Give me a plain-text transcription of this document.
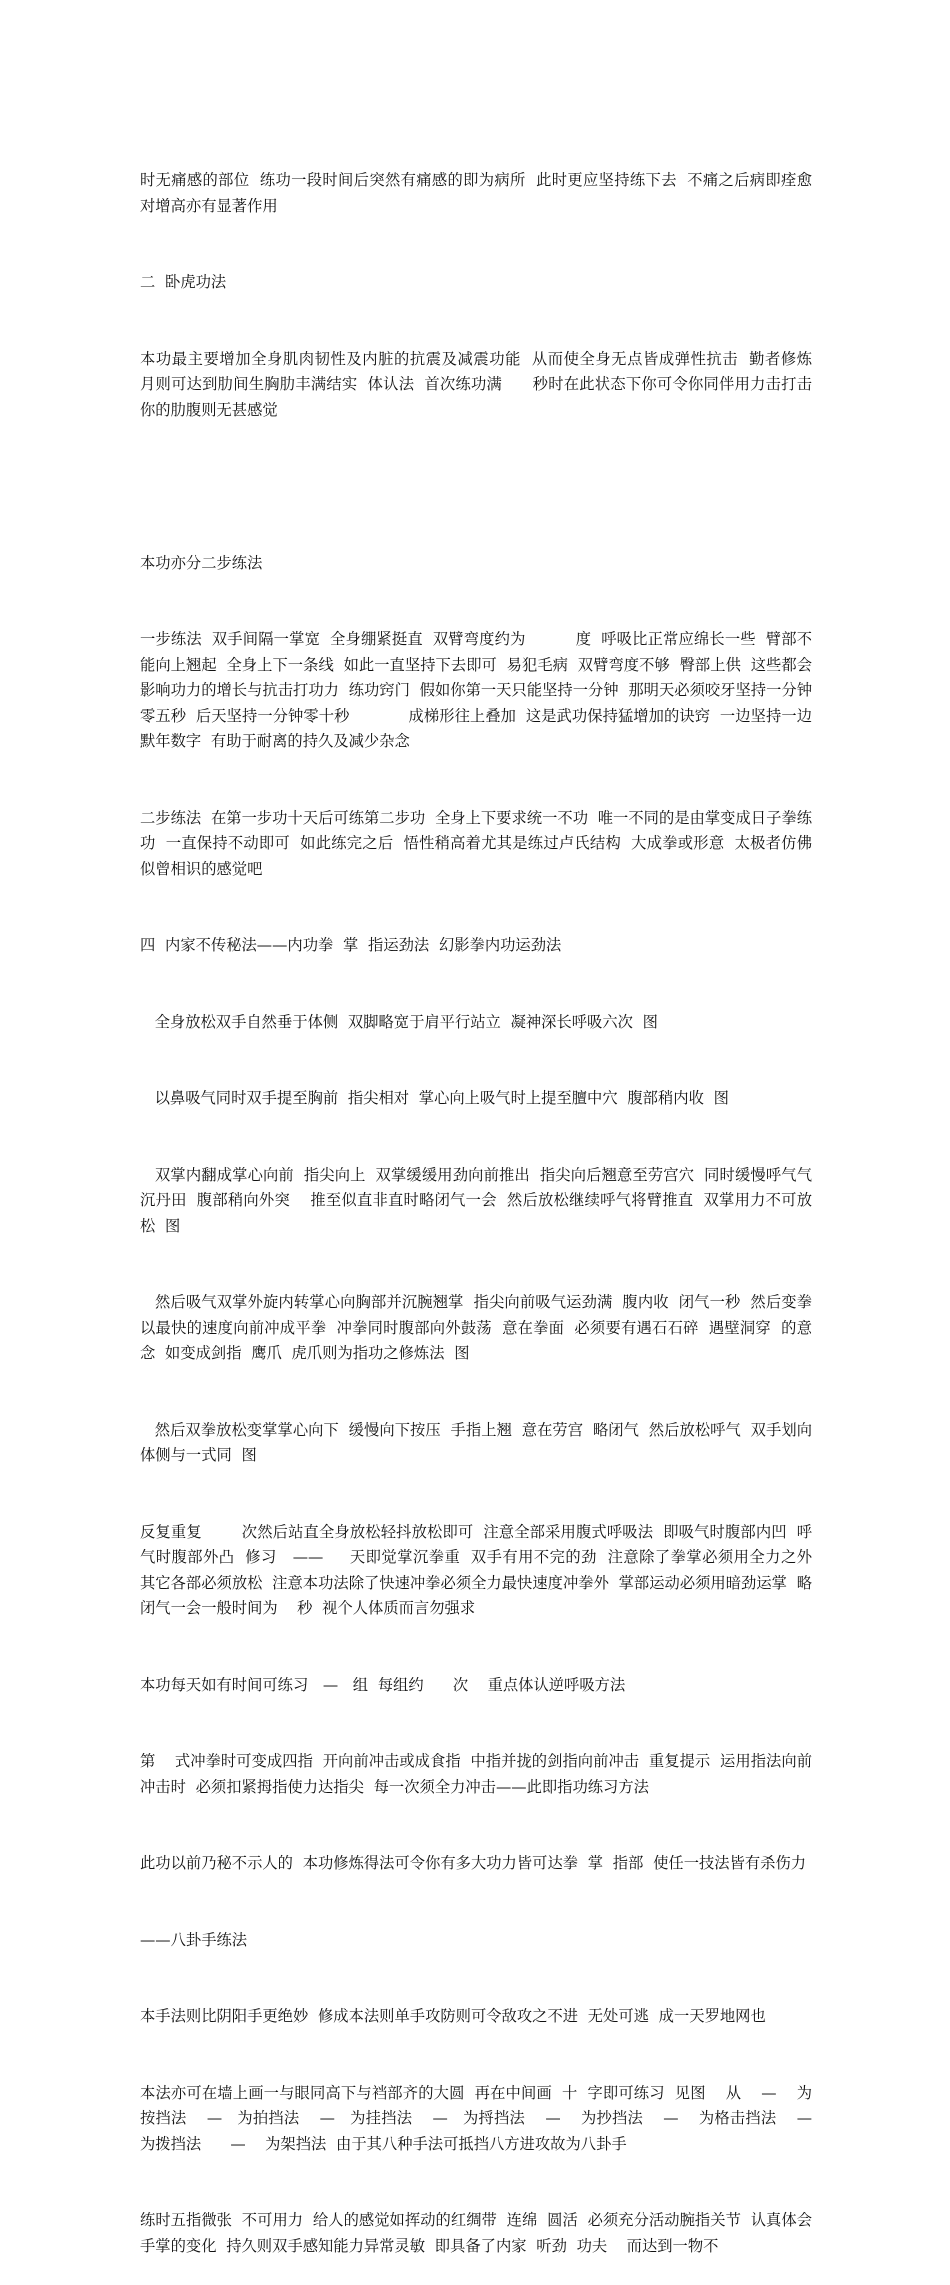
时无痛感的部位  练功一段时间后突然有痛感的即为病所  此时更应坚持练下去  不痛之后病即痊愈  对增高亦有显著作用

二  卧虎功法

本功最主要增加全身肌肉韧性及内脏的抗震及减震功能  从而使全身无点皆成弹性抗击  勤者修炼      月则可达到肋间生胸肋丰满结实  体认法  首次练功满      秒时在此状态下你可令你同伴用力击打击你的肋腹则无甚感觉

本功亦分二步练法

一步练法  双手间隔一掌宽  全身绷紧挺直  双臂弯度约为          度  呼吸比正常应绵长一些  臂部不能向上翘起  全身上下一条线  如此一直坚持下去即可  易犯毛病  双臂弯度不够  臀部上供  这些都会影响功力的增长与抗击打功力  练功窍门  假如你第一天只能坚持一分钟  那明天必须咬牙坚持一分钟零五秒  后天坚持一分钟零十秒            成梯形往上叠加  这是武功保持猛增加的诀窍  一边坚持一边默年数字  有助于耐离的持久及减少杂念

二步练法  在第一步功十天后可练第二步功  全身上下要求统一不功  唯一不同的是由掌变成日子拳练功  一直保持不动即可  如此练完之后  悟性稍高着尤其是练过卢氏结构  大成拳或形意  太极者仿佛似曾相识的感觉吧

四  内家不传秘法——内功拳  掌  指运劲法  幻影拳内功运劲法

全身放松双手自然垂于体侧  双脚略宽于肩平行站立  凝神深长呼吸六次  图

以鼻吸气同时双手提至胸前  指尖相对  掌心向上吸气时上提至膻中穴  腹部稍内收  图

双掌内翻成掌心向前  指尖向上  双掌缓缓用劲向前推出  指尖向后翘意至劳宫穴  同时缓慢呼气气沉丹田  腹部稍向外突    推至似直非直时略闭气一会  然后放松继续呼气将臂推直  双掌用力不可放松  图

然后吸气双掌外旋内转掌心向胸部并沉腕翘掌  指尖向前吸气运劲满  腹内收  闭气一秒  然后变拳以最快的速度向前冲成平拳  冲拳同时腹部向外鼓荡  意在拳面  必须要有遇石石碎  遇壁洞穿  的意念  如变成剑指  鹰爪  虎爪则为指功之修炼法  图

然后双拳放松变掌掌心向下  缓慢向下按压  手指上翘  意在劳宫  略闭气  然后放松呼气  双手划向体侧与一式同  图

反复重复        次然后站直全身放松轻抖放松即可  注意全部采用腹式呼吸法  即吸气时腹部内凹  呼气时腹部外凸  修习   ——     天即觉掌沉拳重  双手有用不完的劲  注意除了拳掌必须用全力之外  其它各部必须放松  注意本功法除了快速冲拳必须全力最快速度冲拳外  掌部运动必须用暗劲运掌  略闭气一会一般时间为    秒  视个人体质而言勿强求

本功每天如有时间可练习   —   组  每组约      次    重点体认逆呼吸方法

第    式冲拳时可变成四指  开向前冲击或成食指  中指并拢的剑指向前冲击  重复提示  运用指法向前冲击时  必须扣紧拇指使力达指尖  每一次须全力冲击——此即指功练习方法

此功以前乃秘不示人的  本功修炼得法可令你有多大功力皆可达拳  掌  指部  使任一技法皆有杀伤力

——八卦手练法

本手法则比阴阳手更绝妙  修成本法则单手攻防则可令敌攻之不进  无处可逃  成一天罗地网也

本法亦可在墙上画一与眼同高下与裆部齐的大圆  再在中间画  十  字即可练习  见图    从    —    为按挡法    —   为拍挡法    —   为挂挡法    —   为捋挡法    —    为抄挡法    —    为格击挡法    —      为拨挡法      —    为架挡法  由于其八种手法可抵挡八方进攻故为八卦手

练时五指微张  不可用力  给人的感觉如挥动的红绸带  连绵  圆活  必须充分活动腕指关节  认真体会手掌的变化  持久则双手感知能力异常灵敏  即具备了内家  听劲  功夫    而达到一物不
